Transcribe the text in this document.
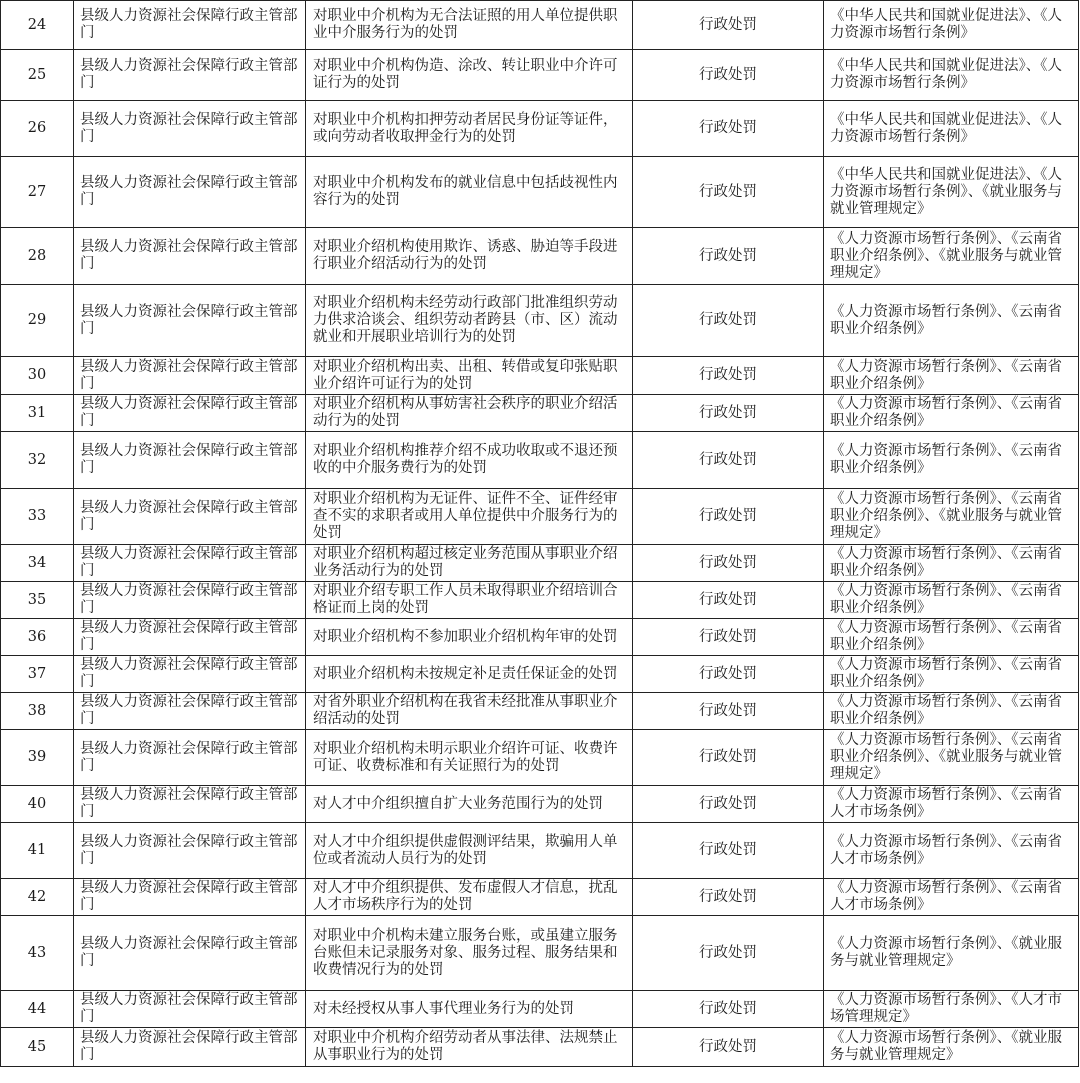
24	县级人力资源社会保障行政主管部门	对职业中介机构为无合法证照的用人单位提供职业中介服务行为的处罚	行政处罚	《中华人民共和国就业促进法》、《人力资源市场暂行条例》
25	县级人力资源社会保障行政主管部门	对职业中介机构伪造、涂改、转让职业中介许可证行为的处罚	行政处罚	《中华人民共和国就业促进法》、《人力资源市场暂行条例》
26	县级人力资源社会保障行政主管部门	对职业中介机构扣押劳动者居民身份证等证件，或向劳动者收取押金行为的处罚	行政处罚	《中华人民共和国就业促进法》、《人力资源市场暂行条例》
27	县级人力资源社会保障行政主管部门	对职业中介机构发布的就业信息中包括歧视性内容行为的处罚	行政处罚	《中华人民共和国就业促进法》、《人力资源市场暂行条例》、《就业服务与就业管理规定》
28	县级人力资源社会保障行政主管部门	对职业介绍机构使用欺诈、诱惑、胁迫等手段进行职业介绍活动行为的处罚	行政处罚	《人力资源市场暂行条例》、《云南省职业介绍条例》、《就业服务与就业管理规定》
29	县级人力资源社会保障行政主管部门	对职业介绍机构未经劳动行政部门批准组织劳动力供求洽谈会、组织劳动者跨县（市、区）流动就业和开展职业培训行为的处罚	行政处罚	《人力资源市场暂行条例》、《云南省职业介绍条例》
30	县级人力资源社会保障行政主管部门	对职业介绍机构出卖、出租、转借或复印张贴职业介绍许可证行为的处罚	行政处罚	《人力资源市场暂行条例》、《云南省职业介绍条例》
31	县级人力资源社会保障行政主管部门	对职业介绍机构从事妨害社会秩序的职业介绍活动行为的处罚	行政处罚	《人力资源市场暂行条例》、《云南省职业介绍条例》
32	县级人力资源社会保障行政主管部门	对职业介绍机构推荐介绍不成功收取或不退还预收的中介服务费行为的处罚	行政处罚	《人力资源市场暂行条例》、《云南省职业介绍条例》
33	县级人力资源社会保障行政主管部门	对职业介绍机构为无证件、证件不全、证件经审查不实的求职者或用人单位提供中介服务行为的处罚	行政处罚	《人力资源市场暂行条例》、《云南省职业介绍条例》、《就业服务与就业管理规定》
34	县级人力资源社会保障行政主管部门	对职业介绍机构超过核定业务范围从事职业介绍业务活动行为的处罚	行政处罚	《人力资源市场暂行条例》、《云南省职业介绍条例》
35	县级人力资源社会保障行政主管部门	对职业介绍专职工作人员未取得职业介绍培训合格证而上岗的处罚	行政处罚	《人力资源市场暂行条例》、《云南省职业介绍条例》
36	县级人力资源社会保障行政主管部门	对职业介绍机构不参加职业介绍机构年审的处罚	行政处罚	《人力资源市场暂行条例》、《云南省职业介绍条例》
37	县级人力资源社会保障行政主管部门	对职业介绍机构未按规定补足责任保证金的处罚	行政处罚	《人力资源市场暂行条例》、《云南省职业介绍条例》
38	县级人力资源社会保障行政主管部门	对省外职业介绍机构在我省未经批准从事职业介绍活动的处罚	行政处罚	《人力资源市场暂行条例》、《云南省职业介绍条例》
39	县级人力资源社会保障行政主管部门	对职业介绍机构未明示职业介绍许可证、收费许可证、收费标准和有关证照行为的处罚	行政处罚	《人力资源市场暂行条例》、《云南省职业介绍条例》、《就业服务与就业管理规定》
40	县级人力资源社会保障行政主管部门	对人才中介组织擅自扩大业务范围行为的处罚	行政处罚	《人力资源市场暂行条例》、《云南省人才市场条例》
41	县级人力资源社会保障行政主管部门	对人才中介组织提供虚假测评结果，欺骗用人单位或者流动人员行为的处罚	行政处罚	《人力资源市场暂行条例》、《云南省人才市场条例》
42	县级人力资源社会保障行政主管部门	对人才中介组织提供、发布虚假人才信息，扰乱人才市场秩序行为的处罚	行政处罚	《人力资源市场暂行条例》、《云南省人才市场条例》
43	县级人力资源社会保障行政主管部门	对职业中介机构未建立服务台账，或虽建立服务台账但未记录服务对象、服务过程、服务结果和收费情况行为的处罚	行政处罚	《人力资源市场暂行条例》、《就业服务与就业管理规定》
44	县级人力资源社会保障行政主管部门	对未经授权从事人事代理业务行为的处罚	行政处罚	《人力资源市场暂行条例》、《人才市场管理规定》
45	县级人力资源社会保障行政主管部门	对职业中介机构介绍劳动者从事法律、法规禁止从事职业行为的处罚	行政处罚	《人力资源市场暂行条例》、《就业服务与就业管理规定》
